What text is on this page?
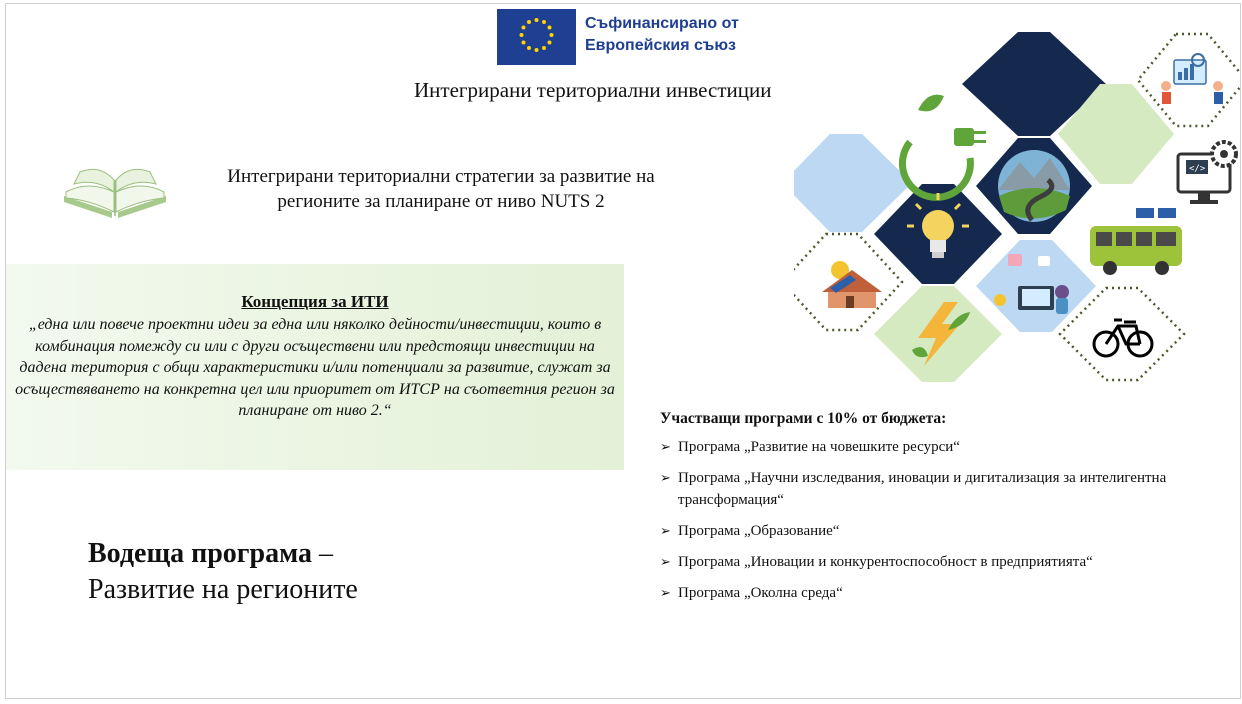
Съфинансирано от
Европейския съюз
Интегрирани териториални инвестиции
Интегрирани териториални стратегии за развитие на
регионите за планиране от ниво NUTS 2
Концепция за ИТИ
„една или повече проектни идеи за една или няколко дейности/инвестиции, които в комбинация помежду си или с други осъществени или предстоящи инвестиции на дадена територия с общи характеристики и/или потенциали за развитие, служат за осъществяването на конкретна цел или приоритет от ИТСР на съответния регион за планиране от ниво 2.“
Водеща програма –
Развитие на регионите
Участващи програми с 10% от бюджета:
➢ Програма „Развитие на човешките ресурси“
➢ Програма „Научни изследвания, иновации и дигитализация за интелигентна трансформация“
➢ Програма „Образование“
➢ Програма „Иновации и конкурентоспособност в предприятията“
➢ Програма „Околна среда“
</>
